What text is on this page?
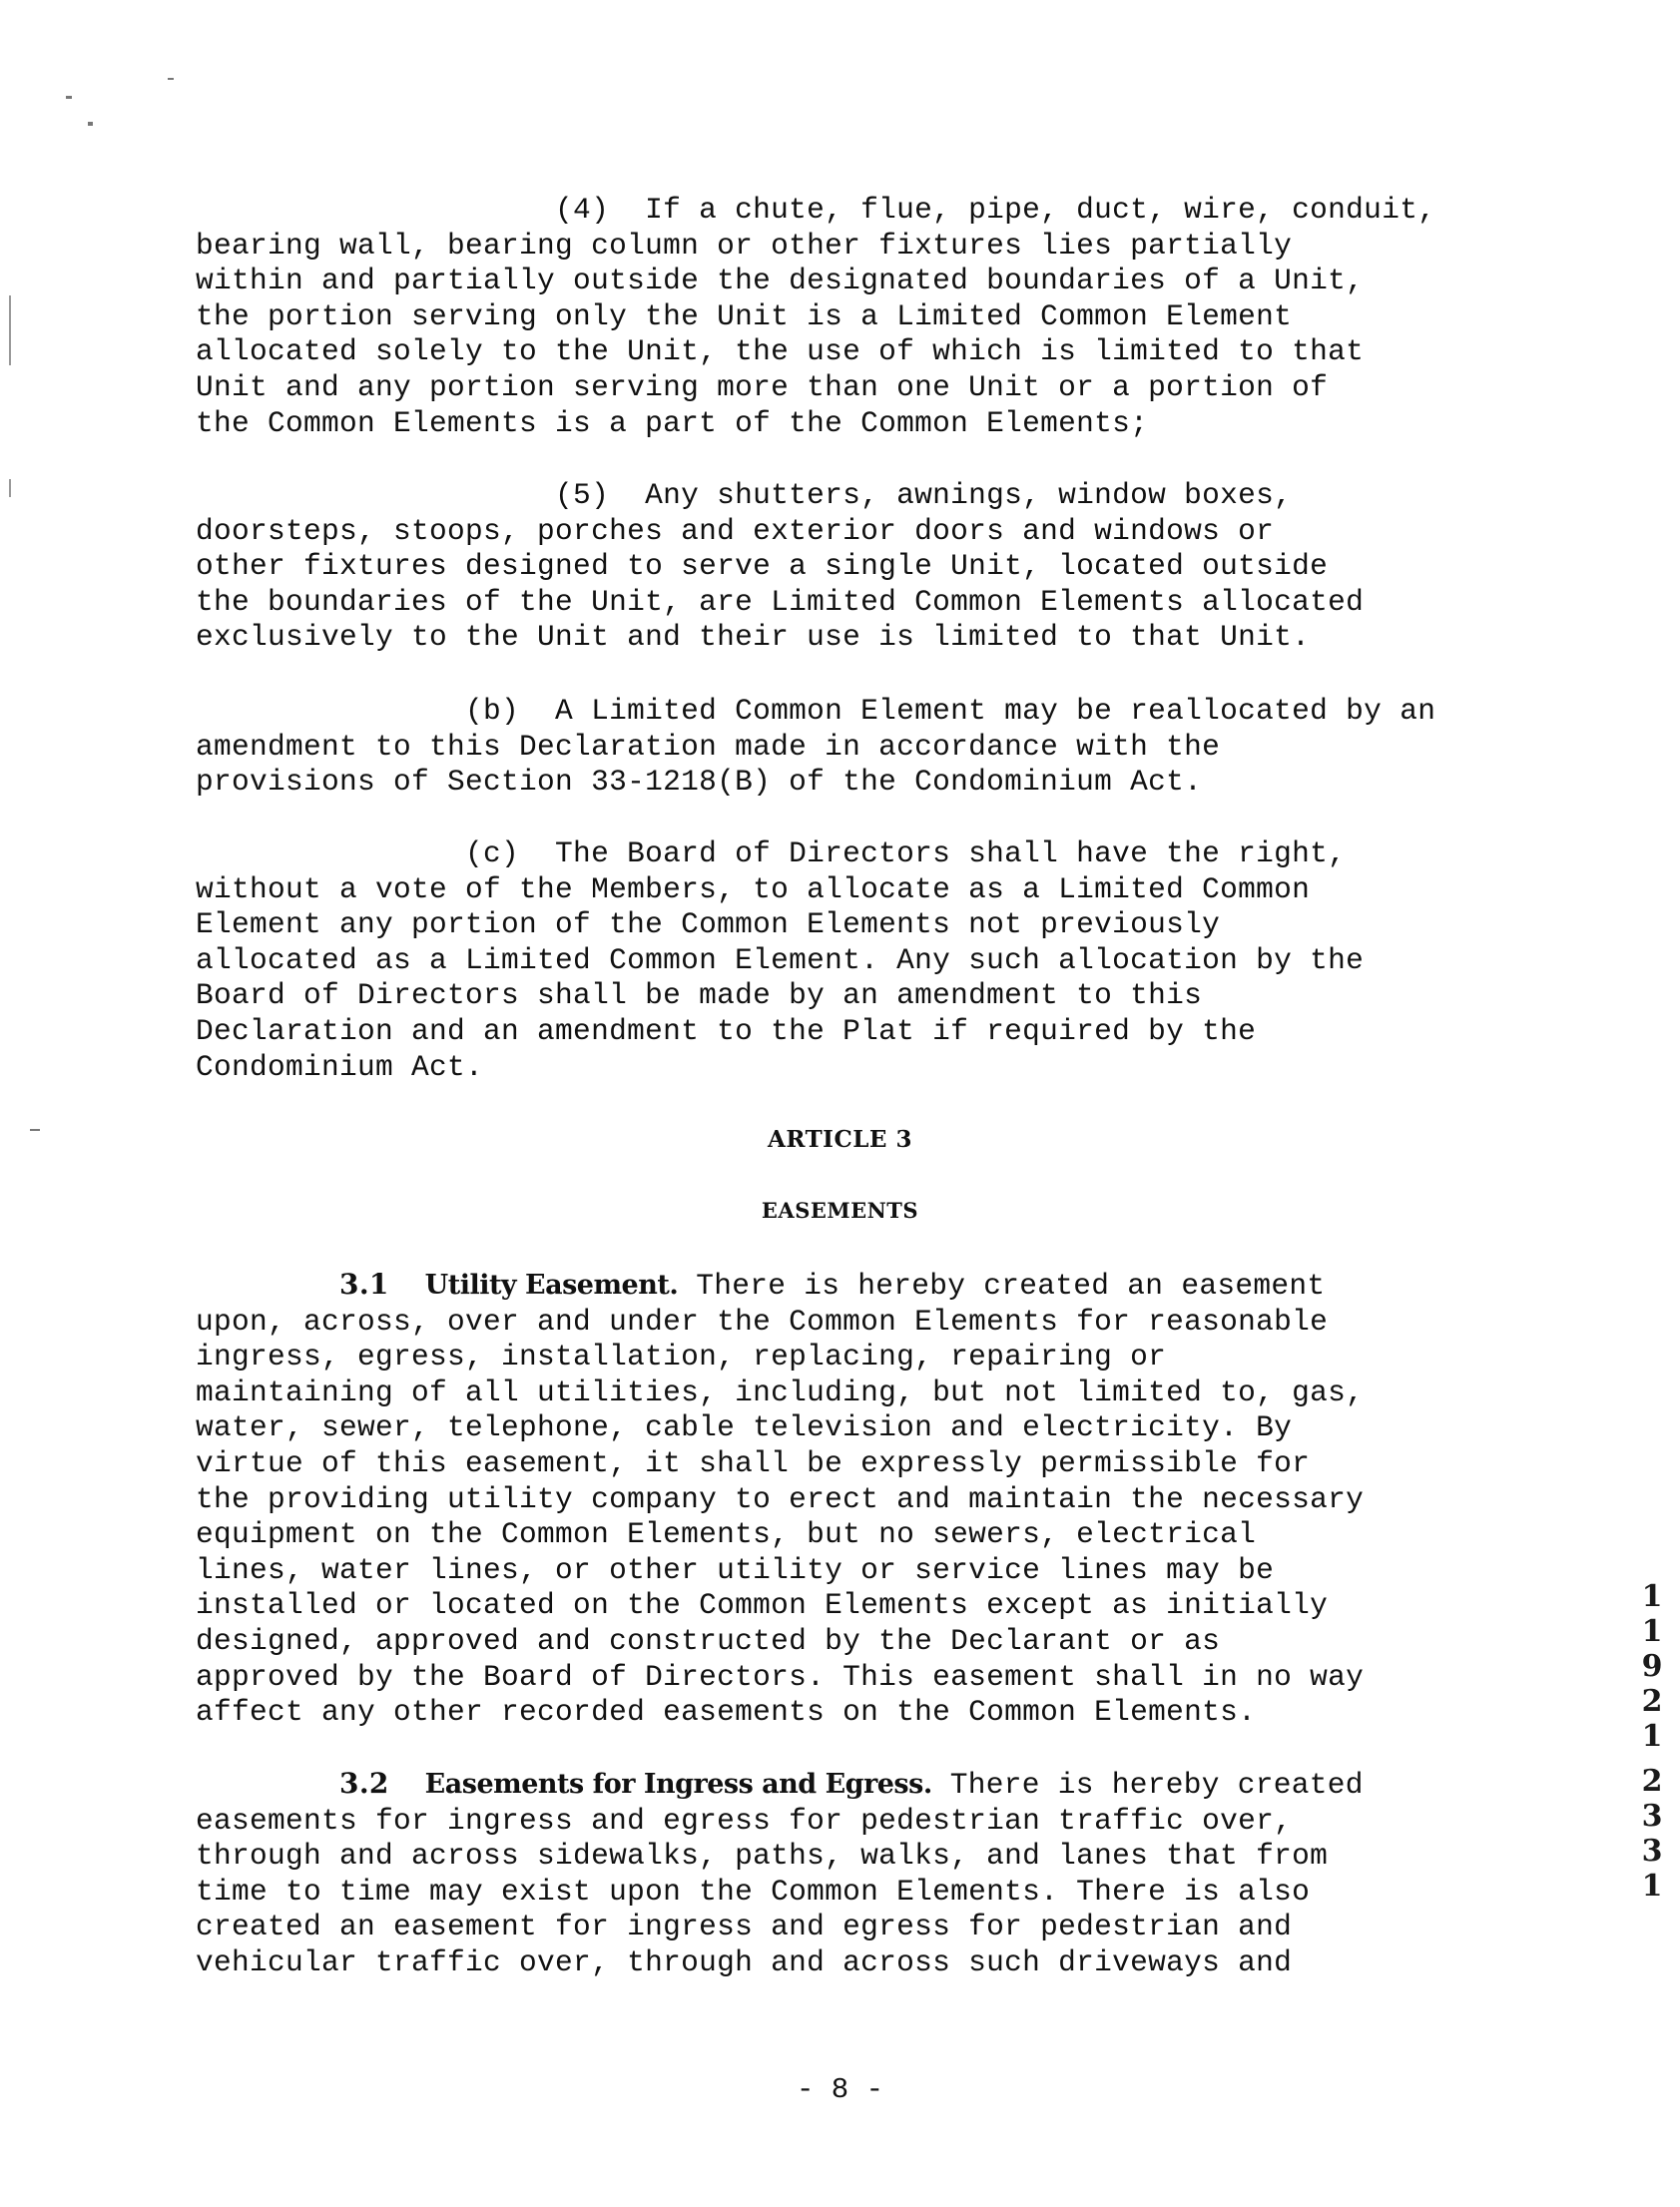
(4)  If a chute, flue, pipe, duct, wire, conduit,
bearing wall, bearing column or other fixtures lies partially
within and partially outside the designated boundaries of a Unit,
the portion serving only the Unit is a Limited Common Element
allocated solely to the Unit, the use of which is limited to that
Unit and any portion serving more than one Unit or a portion of
the Common Elements is a part of the Common Elements;

(5)  Any shutters, awnings, window boxes,
doorsteps, stoops, porches and exterior doors and windows or
other fixtures designed to serve a single Unit, located outside
the boundaries of the Unit, are Limited Common Elements allocated
exclusively to the Unit and their use is limited to that Unit.

(b)  A Limited Common Element may be reallocated by an
amendment to this Declaration made in accordance with the
provisions of Section 33-1218(B) of the Condominium Act.

(c)  The Board of Directors shall have the right,
without a vote of the Members, to allocate as a Limited Common
Element any portion of the Common Elements not previously
allocated as a Limited Common Element. Any such allocation by the
Board of Directors shall be made by an amendment to this
Declaration and an amendment to the Plat if required by the
Condominium Act.

ARTICLE 3
EASEMENTS

3.1 Utility Easement. There is hereby created an easement
upon, across, over and under the Common Elements for reasonable
ingress, egress, installation, replacing, repairing or
maintaining of all utilities, including, but not limited to, gas,
water, sewer, telephone, cable television and electricity. By
virtue of this easement, it shall be expressly permissible for
the providing utility company to erect and maintain the necessary
equipment on the Common Elements, but no sewers, electrical
lines, water lines, or other utility or service lines may be
installed or located on the Common Elements except as initially
designed, approved and constructed by the Declarant or as
approved by the Board of Directors. This easement shall in no way
affect any other recorded easements on the Common Elements.

3.2 Easements for Ingress and Egress. There is hereby created
easements for ingress and egress for pedestrian traffic over,
through and across sidewalks, paths, walks, and lanes that from
time to time may exist upon the Common Elements. There is also
created an easement for ingress and egress for pedestrian and
vehicular traffic over, through and across such driveways and

- 8 -
1
1
9
2
1
2
3
3
1
